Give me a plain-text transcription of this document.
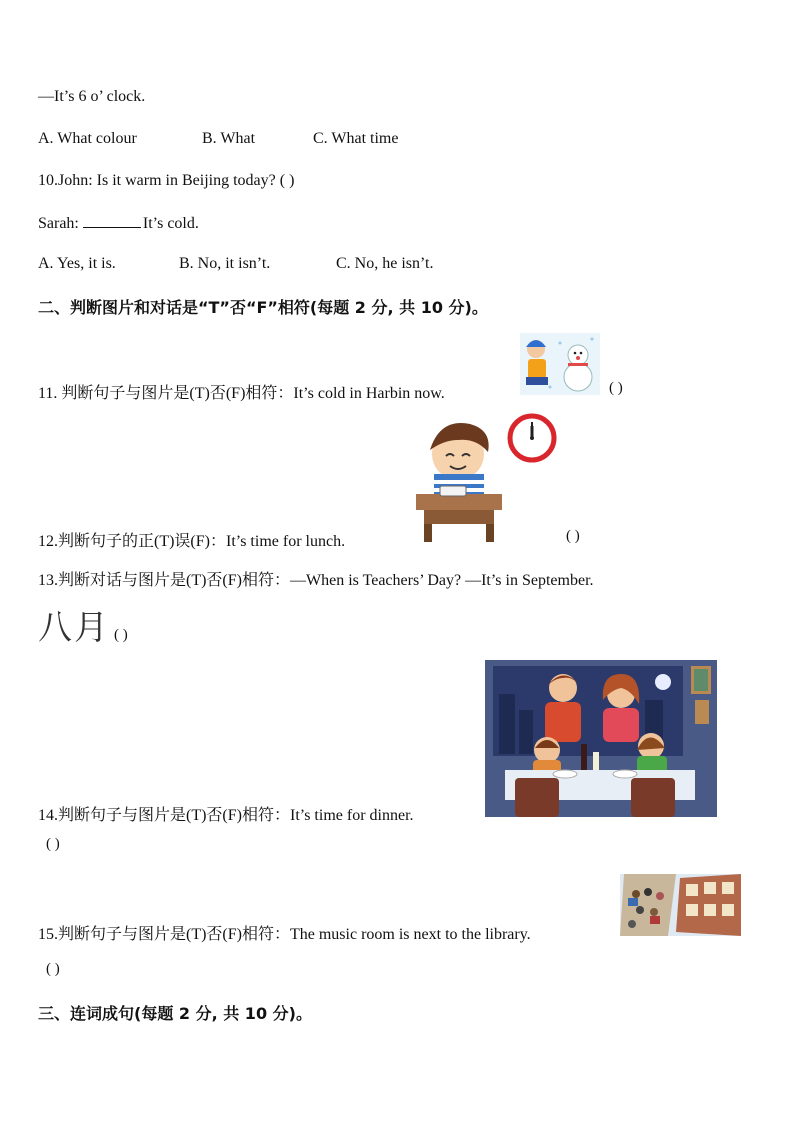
—It’s 6 o’ clock.
A. What colour	B. What	C. What time
10.John: Is it warm in Beijing today? ( )
Sarah:	It’s cold.
A. Yes, it is.	B. No, it isn’t.	C. No, he isn’t.
二、判断图片和对话是“T”否“F”相符(每题 2 分, 共 10 分)。
11. 判断句子与图片是(T)否(F)相符：It’s cold in Harbin now.	( )
12.判断句子的正(T)误(F)：It’s time for lunch.	( )
13.判断对话与图片是(T)否(F)相符：—When is Teachers’ Day? —It’s in September.
八月 ( )
14.判断句子与图片是(T)否(F)相符：It’s time for dinner.
( )
15.判断句子与图片是(T)否(F)相符：The music room is next to the library.
( )
三、连词成句(每题 2 分, 共 10 分)。
